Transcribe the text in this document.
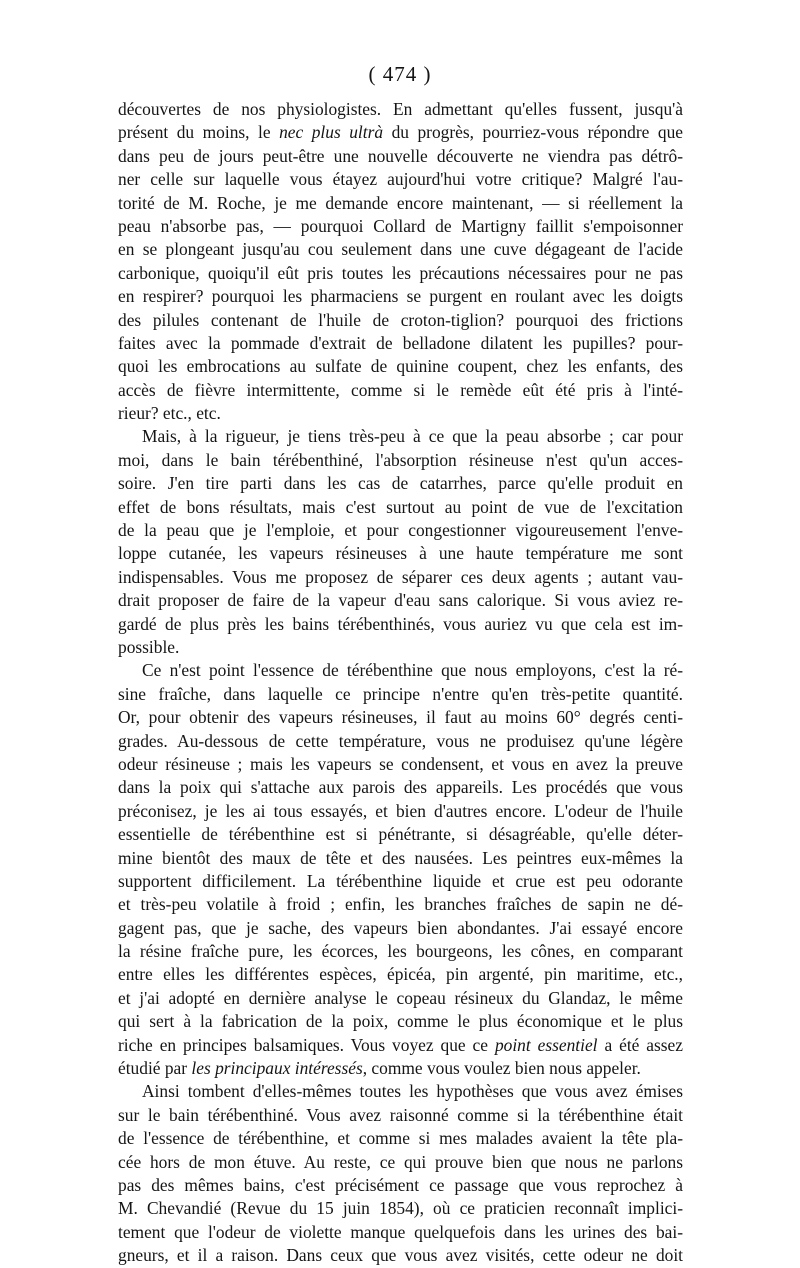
( 474 )
découvertes de nos physiologistes. En admettant qu'elles fussent, jusqu'à
présent du moins, le nec plus ultrà du progrès, pourriez-vous répondre que
dans peu de jours peut-être une nouvelle découverte ne viendra pas détrô-
ner celle sur laquelle vous étayez aujourd'hui votre critique? Malgré l'au-
torité de M. Roche, je me demande encore maintenant, — si réellement la
peau n'absorbe pas, — pourquoi Collard de Martigny faillit s'empoisonner
en se plongeant jusqu'au cou seulement dans une cuve dégageant de l'acide
carbonique, quoiqu'il eût pris toutes les précautions nécessaires pour ne pas
en respirer? pourquoi les pharmaciens se purgent en roulant avec les doigts
des pilules contenant de l'huile de croton-tiglion? pourquoi des frictions
faites avec la pommade d'extrait de belladone dilatent les pupilles? pour-
quoi les embrocations au sulfate de quinine coupent, chez les enfants, des
accès de fièvre intermittente, comme si le remède eût été pris à l'inté-
rieur? etc., etc.
Mais, à la rigueur, je tiens très-peu à ce que la peau absorbe ; car pour
moi, dans le bain térébenthiné, l'absorption résineuse n'est qu'un acces-
soire. J'en tire parti dans les cas de catarrhes, parce qu'elle produit en
effet de bons résultats, mais c'est surtout au point de vue de l'excitation
de la peau que je l'emploie, et pour congestionner vigoureusement l'enve-
loppe cutanée, les vapeurs résineuses à une haute température me sont
indispensables. Vous me proposez de séparer ces deux agents ; autant vau-
drait proposer de faire de la vapeur d'eau sans calorique. Si vous aviez re-
gardé de plus près les bains térébenthinés, vous auriez vu que cela est im-
possible.
Ce n'est point l'essence de térébenthine que nous employons, c'est la ré-
sine fraîche, dans laquelle ce principe n'entre qu'en très-petite quantité.
Or, pour obtenir des vapeurs résineuses, il faut au moins 60° degrés centi-
grades. Au-dessous de cette température, vous ne produisez qu'une légère
odeur résineuse ; mais les vapeurs se condensent, et vous en avez la preuve
dans la poix qui s'attache aux parois des appareils. Les procédés que vous
préconisez, je les ai tous essayés, et bien d'autres encore. L'odeur de l'huile
essentielle de térébenthine est si pénétrante, si désagréable, qu'elle déter-
mine bientôt des maux de tête et des nausées. Les peintres eux-mêmes la
supportent difficilement. La térébenthine liquide et crue est peu odorante
et très-peu volatile à froid ; enfin, les branches fraîches de sapin ne dé-
gagent pas, que je sache, des vapeurs bien abondantes. J'ai essayé encore
la résine fraîche pure, les écorces, les bourgeons, les cônes, en comparant
entre elles les différentes espèces, épicéa, pin argenté, pin maritime, etc.,
et j'ai adopté en dernière analyse le copeau résineux du Glandaz, le même
qui sert à la fabrication de la poix, comme le plus économique et le plus
riche en principes balsamiques. Vous voyez que ce point essentiel a été assez
étudié par les principaux intéressés, comme vous voulez bien nous appeler.
Ainsi tombent d'elles-mêmes toutes les hypothèses que vous avez émises
sur le bain térébenthiné. Vous avez raisonné comme si la térébenthine était
de l'essence de térébenthine, et comme si mes malades avaient la tête pla-
cée hors de mon étuve. Au reste, ce qui prouve bien que nous ne parlons
pas des mêmes bains, c'est précisément ce passage que vous reprochez à
M. Chevandié (Revue du 15 juin 1854), où ce praticien reconnaît implici-
tement que l'odeur de violette manque quelquefois dans les urines des bai-
gneurs, et il a raison. Dans ceux que vous avez visités, cette odeur ne doit
